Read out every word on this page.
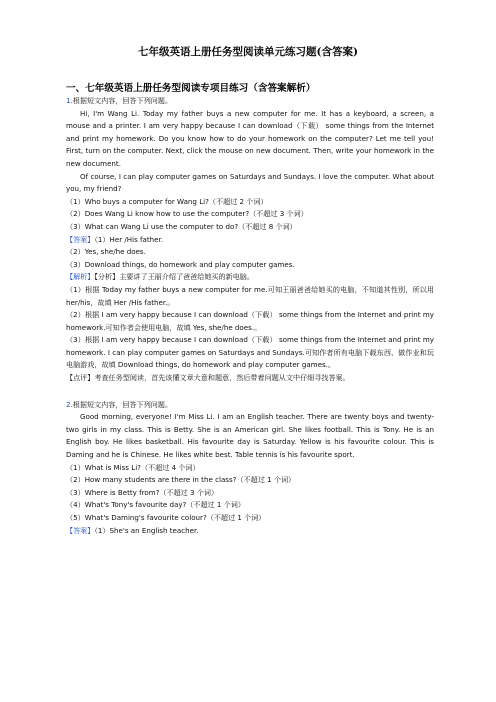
七年级英语上册任务型阅读单元练习题(含答案)
一、七年级英语上册任务型阅读专项目练习（含答案解析）

1.根据短文内容，回答下列问题。

Hi, I'm Wang Li. Today my father buys a new computer for me. It has a keyboard, a screen, a mouse and a printer. I am very happy because I can download（下载） some things from the Internet and print my homework. Do you know how to do your homework on the computer? Let me tell you! First, turn on the computer. Next, click the mouse on new document. Then, write your homework in the new document.

Of course, I can play computer games on Saturdays and Sundays. I love the computer. What about you, my friend?

（1）Who buys a computer for Wang Li?（不超过 2 个词）

（2）Does Wang Li know how to use the computer?（不超过 3 个词）

（3）What can Wang Li use the computer to do?（不超过 8 个词）

【答案】（1）Her /His father.

（2）Yes, she/he does.

（3）Download things, do homework and play computer games.

【解析】【分析】主要讲了王丽介绍了爸爸给她买的新电脑。

（1）根据 Today my father buys a new computer for me.可知王丽爸爸给她买的电脑，不知道其性别，所以用 her/his，故填 Her /His father.。

（2）根据 I am very happy because I can download（下载） some things from the Internet and print my homework.可知作者会使用电脑，故填 Yes, she/he does.。

（3）根据 I am very happy because I can download（下载） some things from the Internet and print my homework. I can play computer games on Saturdays and Sundays.可知作者所有电脑下载东西、做作业和玩电脑游戏，故填 Download things, do homework and play computer games.。

【点评】考查任务型阅读，首先该懂文章大意和题意，然后带着问题从文中仔细寻找答案。

2.根据短文内容，回答下列问题。

Good morning, everyone! I'm Miss Li. I am an English teacher. There are twenty boys and twenty-two girls in my class. This is Betty. She is an American girl. She likes football. This is Tony. He is an English boy. He likes basketball. His favourite day is Saturday. Yellow is his favourite colour. This is Daming and he is Chinese. He likes white best. Table tennis is his favourite sport.

（1）What is Miss Li?（不超过 4 个词）

（2）How many students are there in the class?（不超过 1 个词）

（3）Where is Betty from?（不超过 3 个词）

（4）What's Tony's favourite day?（不超过 1 个词）

（5）What's Daming's favourite colour?（不超过 1 个词）

【答案】（1）She's an English teacher.
